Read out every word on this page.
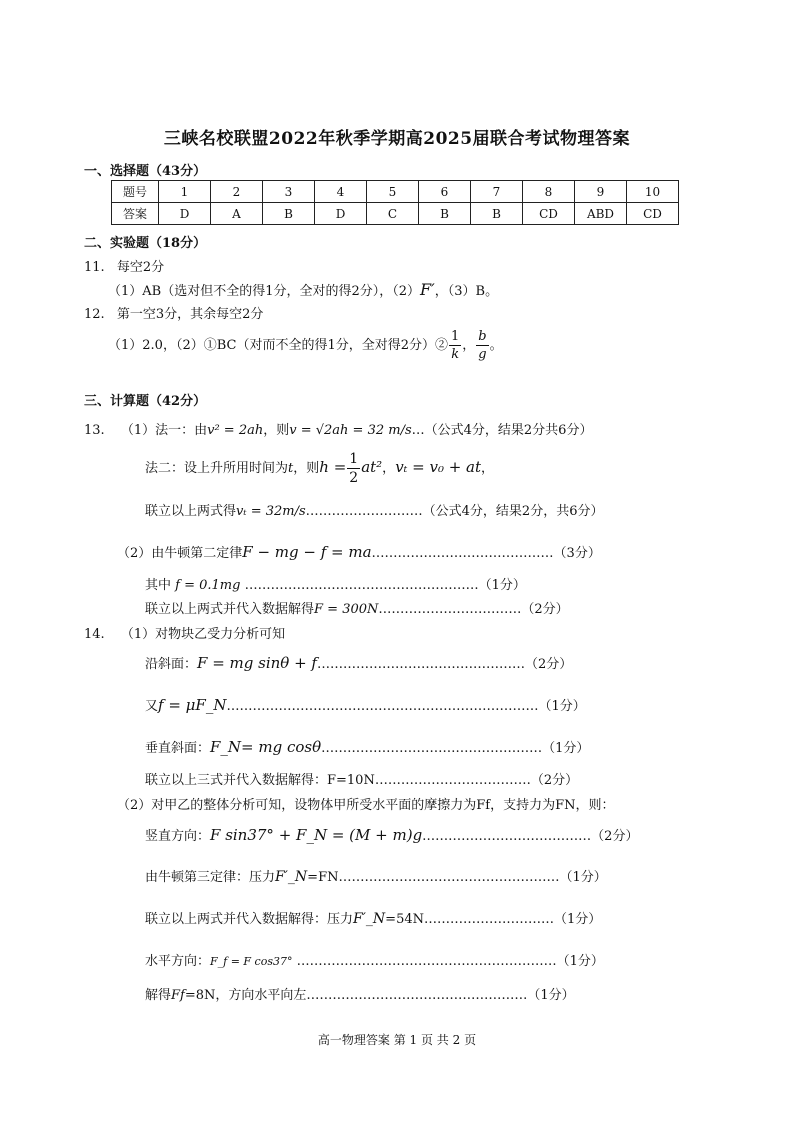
三峡名校联盟2022年秋季学期高2025届联合考试物理答案
一、选择题（43分）
题号	1	2	3	4	5	6	7	8	9	10
答案	D	A	B	D	C	B	B	CD	ABD	CD
二、实验题（18分）
11. 每空2分
（1）AB（选对但不全的得1分，全对的得2分），（2）F′，（3）B。
12. 第一空3分，其余每空2分
（1）2.0，（2）①BC（对而不全的得1分，全对得2分）② $\frac{1}{k}$ ， $\frac{b}{g}$ 。
三、计算题（42分）
13. （1）法一：由v² = 2ah，则v = √2ah = 32 m/s…（公式4分，结果2分共6分）
法二：设上升所用时间为t，则$h = \frac{1}{2} at^2$，vₜ = v₀ + at，
联立以上两式得vₜ = 32m/s………………………（公式4分，结果2分，共6分）
（2）由牛顿第二定律F − mg − f = ma……………………………………（3分）
其中 f = 0.1mg ………………………………………………（1分）
联立以上两式并代入数据解得F = 300N……………………………（2分）
14. （1）对物块乙受力分析可知
沿斜面：F = mg sinθ + f…………………………………………（2分）
又f = μF_N………………………………………………………………（1分）
垂直斜面：F_N= mg cosθ……………………………………………（1分）
联立以上三式并代入数据解得：F=10N………………………………（2分）
（2）对甲乙的整体分析可知，设物体甲所受水平面的摩擦力为Ff，支持力为FN，则：
竖直方向：F sin37° + F_N = (M + m)g…………………………………（2分）
由牛顿第三定律：压力F′_N=FN……………………………………………（1分）
联立以上两式并代入数据解得：压力F′_N=54N…………………………（1分）
水平方向：F_f = F cos37° ……………………………………………………（1分）
解得Ff=8N，方向水平向左……………………………………………（1分）
高一物理答案 第 1 页 共 2 页
